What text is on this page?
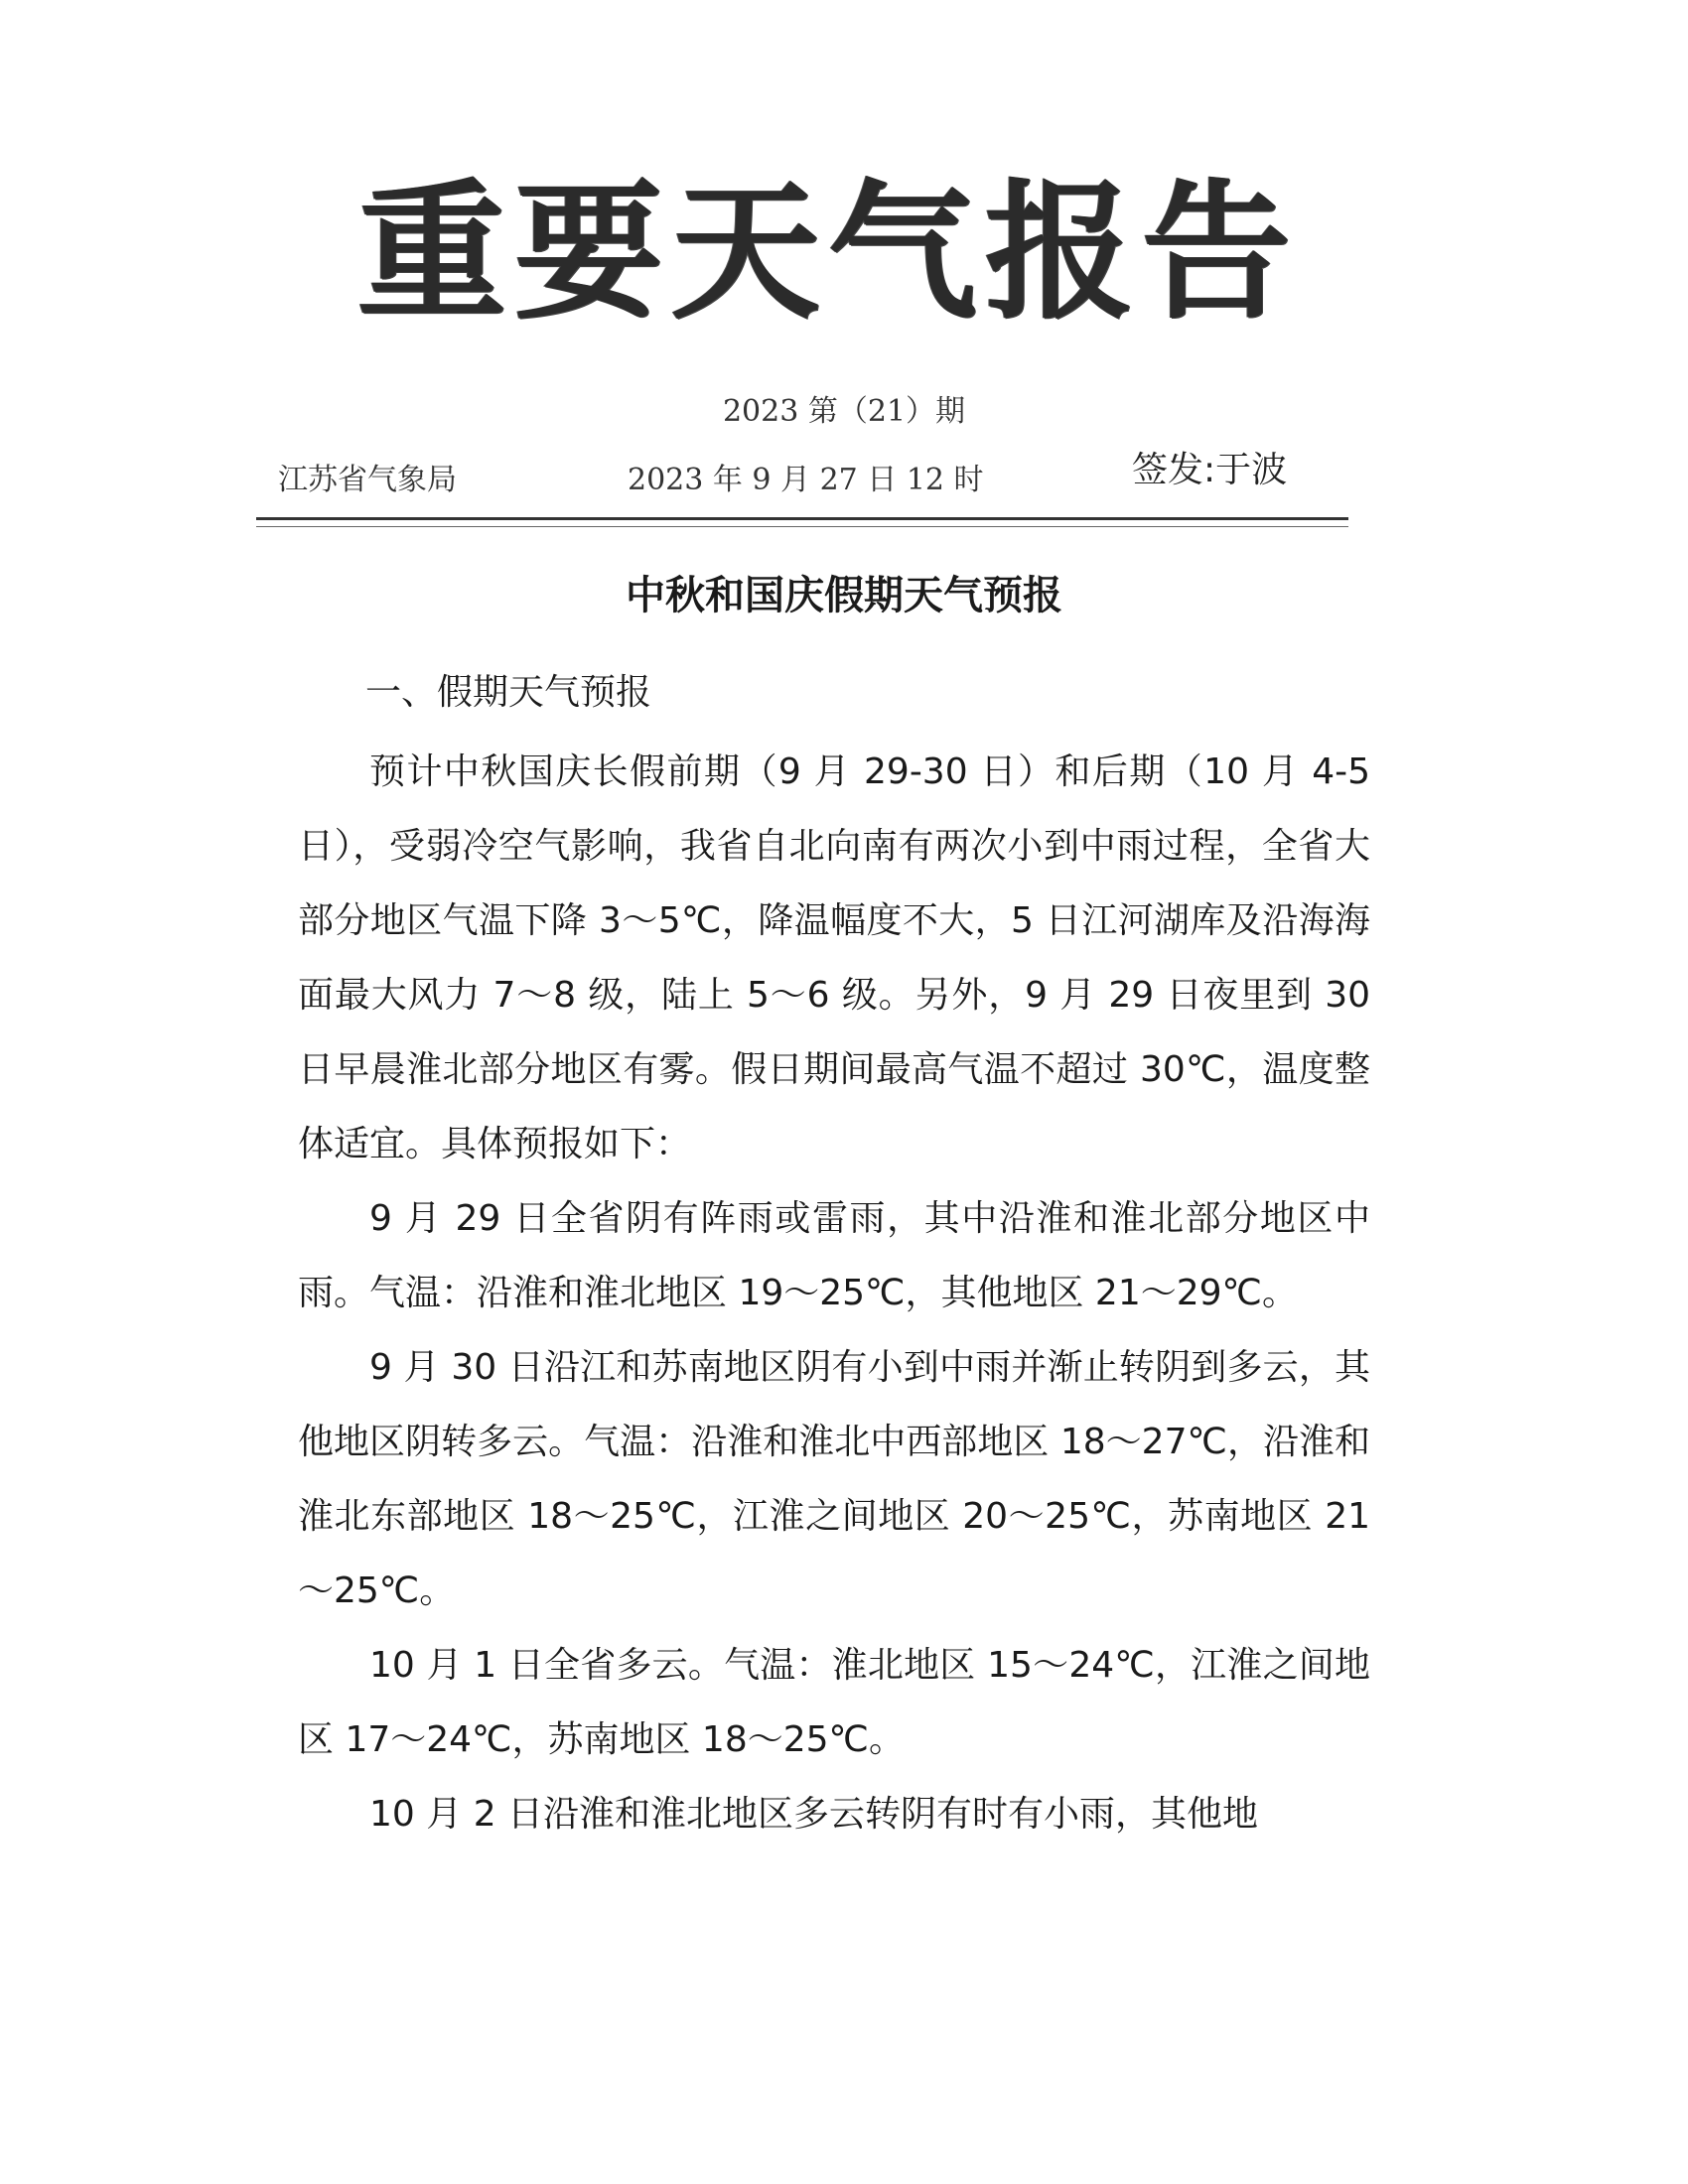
重要天气报告
2023 第（21）期
江苏省气象局	2023 年 9 月 27 日 12 时	签发:于波
中秋和国庆假期天气预报
一、假期天气预报

预计中秋国庆长假前期（9 月 29-30 日）和后期（10 月 4-5 日），受弱冷空气影响，我省自北向南有两次小到中雨过程，全省大部分地区气温下降 3～5℃，降温幅度不大，5 日江河湖库及沿海海面最大风力 7～8 级，陆上 5～6 级。另外，9 月 29 日夜里到 30 日早晨淮北部分地区有雾。假日期间最高气温不超过 30℃，温度整体适宜。具体预报如下：

9 月 29 日全省阴有阵雨或雷雨，其中沿淮和淮北部分地区中雨。气温：沿淮和淮北地区 19～25℃，其他地区 21～29℃。

9 月 30 日沿江和苏南地区阴有小到中雨并渐止转阴到多云，其他地区阴转多云。气温：沿淮和淮北中西部地区 18～27℃，沿淮和淮北东部地区 18～25℃，江淮之间地区 20～25℃，苏南地区 21～25℃。

10 月 1 日全省多云。气温：淮北地区 15～24℃，江淮之间地区 17～24℃，苏南地区 18～25℃。

10 月 2 日沿淮和淮北地区多云转阴有时有小雨，其他地
